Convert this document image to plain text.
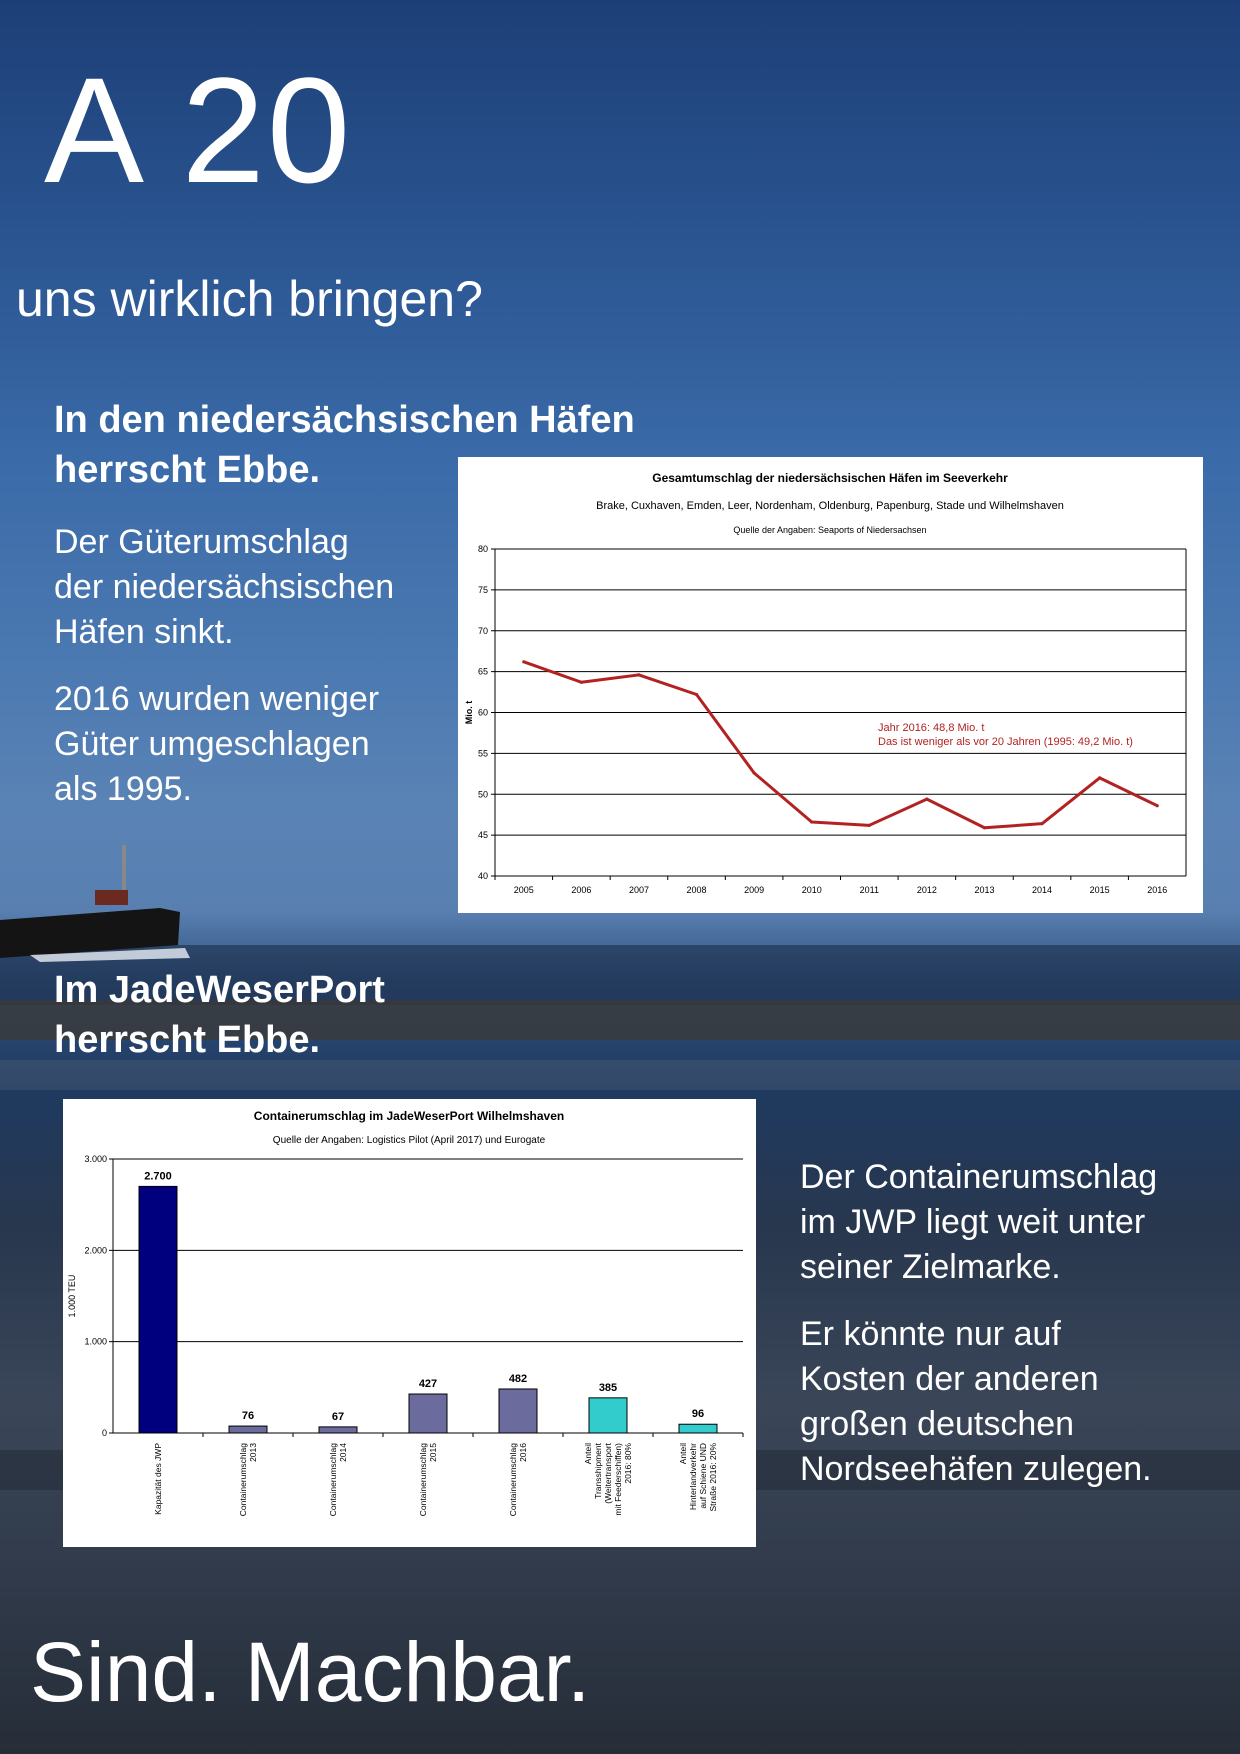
A 20
uns wirklich bringen?
In den niedersächsischen Häfen
herrscht Ebbe.
Der Güterumschlag
der niedersächsischen
Häfen sinkt.
2016 wurden weniger
Güter umgeschlagen
als 1995.
Gesamtumschlag der niedersächsischen Häfen im Seeverkehr
Brake, Cuxhaven, Emden, Leer, Nordenham, Oldenburg, Papenburg, Stade und Wilhelmshaven
Quelle der Angaben: Seaports of Niedersachsen
40
45
50
55
60
65
70
75
80
Mio. t
2005	2006	2007	2008	2009	2010	2011	2012	2013	2014	2015	2016
Jahr 2016: 48,8 Mio. t
Das ist weniger als vor 20 Jahren (1995: 49,2 Mio. t)
Im JadeWeserPort
herrscht Ebbe.
Containerumschlag im JadeWeserPort Wilhelmshaven
Quelle der Angaben: Logistics Pilot (April 2017) und Eurogate
0
1.000
2.000
3.000
1.000 TEU
2.700
Kapazität des JWP
76
Containerumschlag 2013
67
Containerumschlag 2014
427
Containerumschlag 2015
482
Containerumschlag 2016
385
Anteil Transshipment (Weitertransport mit Feederschiffen) 2016: 80%
96
Anteil Hinterlandverkehr auf Schiene UND Straße 2016: 20%
Der Containerumschlag
im JWP liegt weit unter
seiner Zielmarke.
Er könnte nur auf
Kosten der anderen
großen deutschen
Nordseehäfen zulegen.
Sind. Machbar.
